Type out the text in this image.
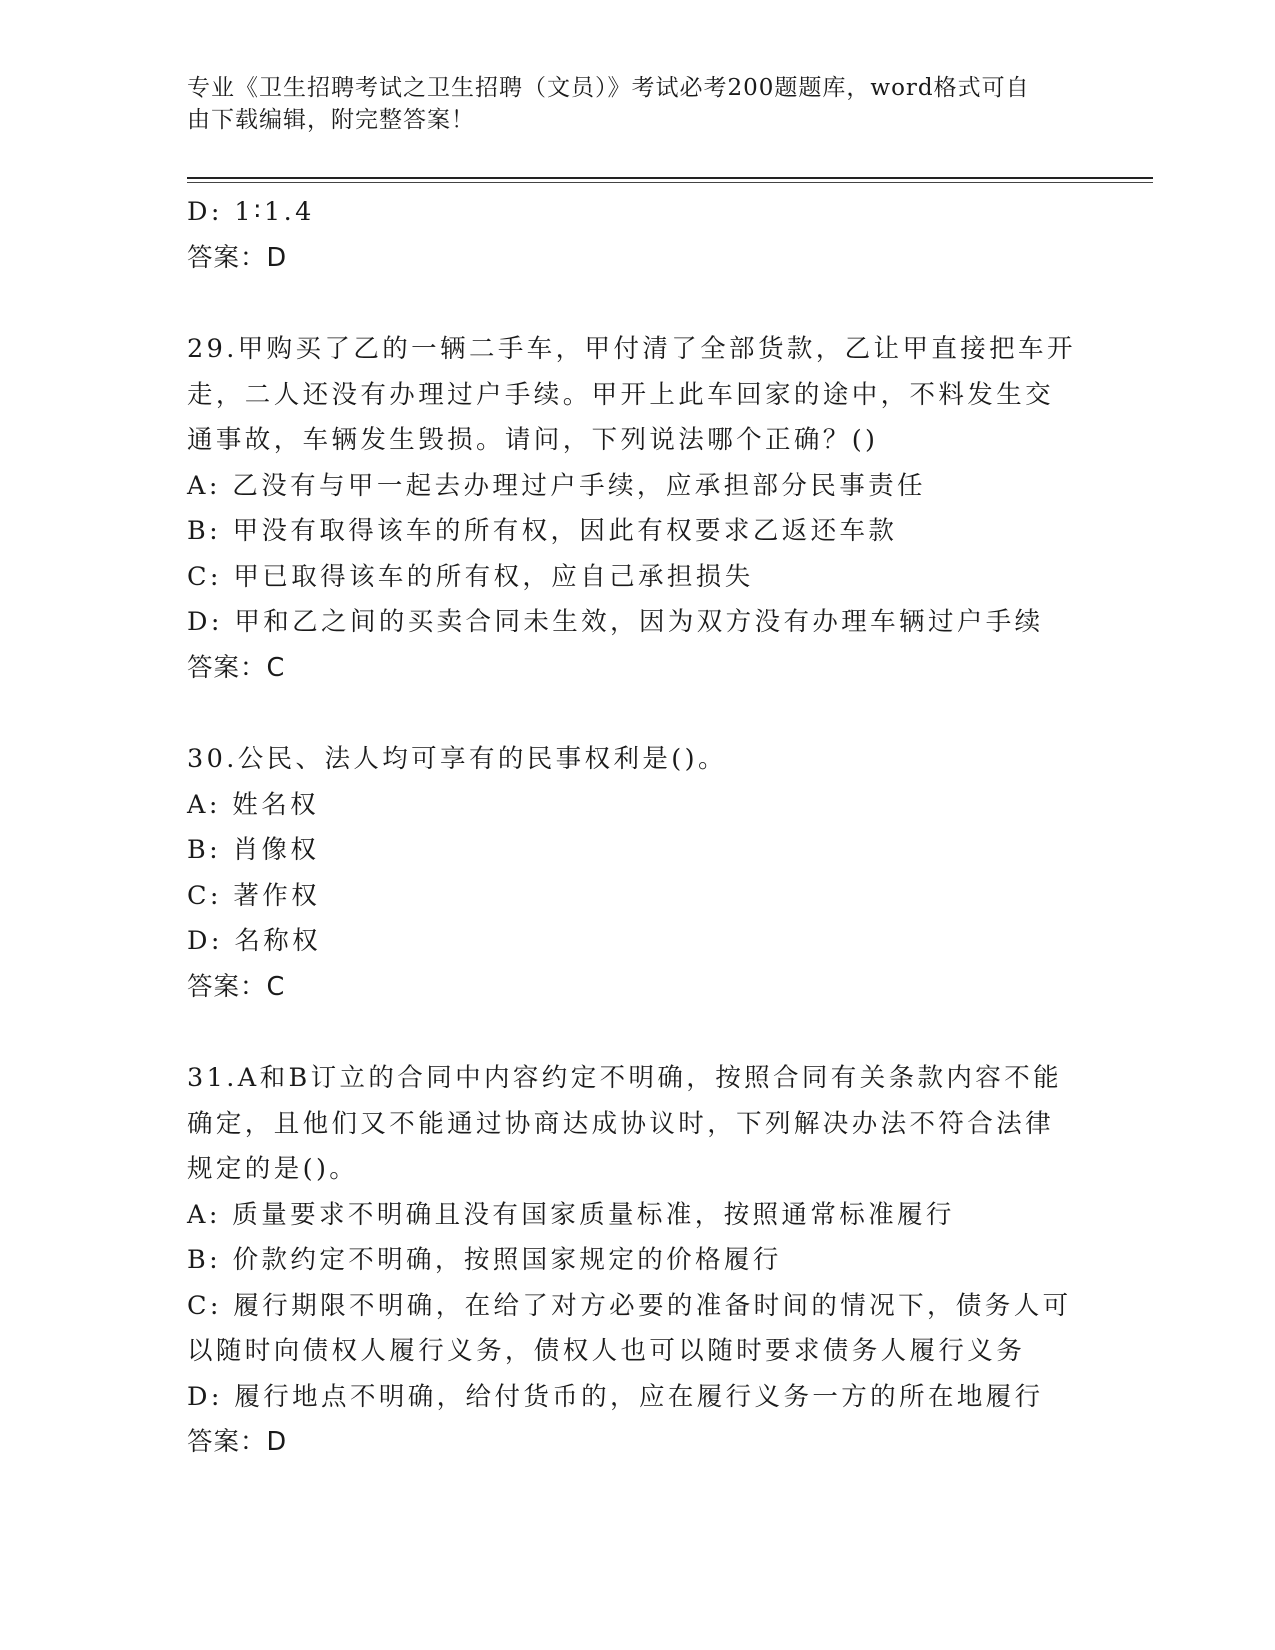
专业《卫生招聘考试之卫生招聘（文员）》考试必考200题题库，word格式可自
由下载编辑，附完整答案！
D: 1∶1.4
答案：D
29.甲购买了乙的一辆二手车，甲付清了全部货款，乙让甲直接把车开
走，二人还没有办理过户手续。甲开上此车回家的途中，不料发生交
通事故，车辆发生毁损。请问，下列说法哪个正确？()
A: 乙没有与甲一起去办理过户手续，应承担部分民事责任
B: 甲没有取得该车的所有权，因此有权要求乙返还车款
C: 甲已取得该车的所有权，应自己承担损失
D: 甲和乙之间的买卖合同未生效，因为双方没有办理车辆过户手续
答案：C
30.公民、法人均可享有的民事权利是()。
A: 姓名权
B: 肖像权
C: 著作权
D: 名称权
答案：C
31.A和B订立的合同中内容约定不明确，按照合同有关条款内容不能
确定，且他们又不能通过协商达成协议时，下列解决办法不符合法律
规定的是()。
A: 质量要求不明确且没有国家质量标准，按照通常标准履行
B: 价款约定不明确，按照国家规定的价格履行
C: 履行期限不明确，在给了对方必要的准备时间的情况下，债务人可
以随时向债权人履行义务，债权人也可以随时要求债务人履行义务
D: 履行地点不明确，给付货币的，应在履行义务一方的所在地履行
答案：D
